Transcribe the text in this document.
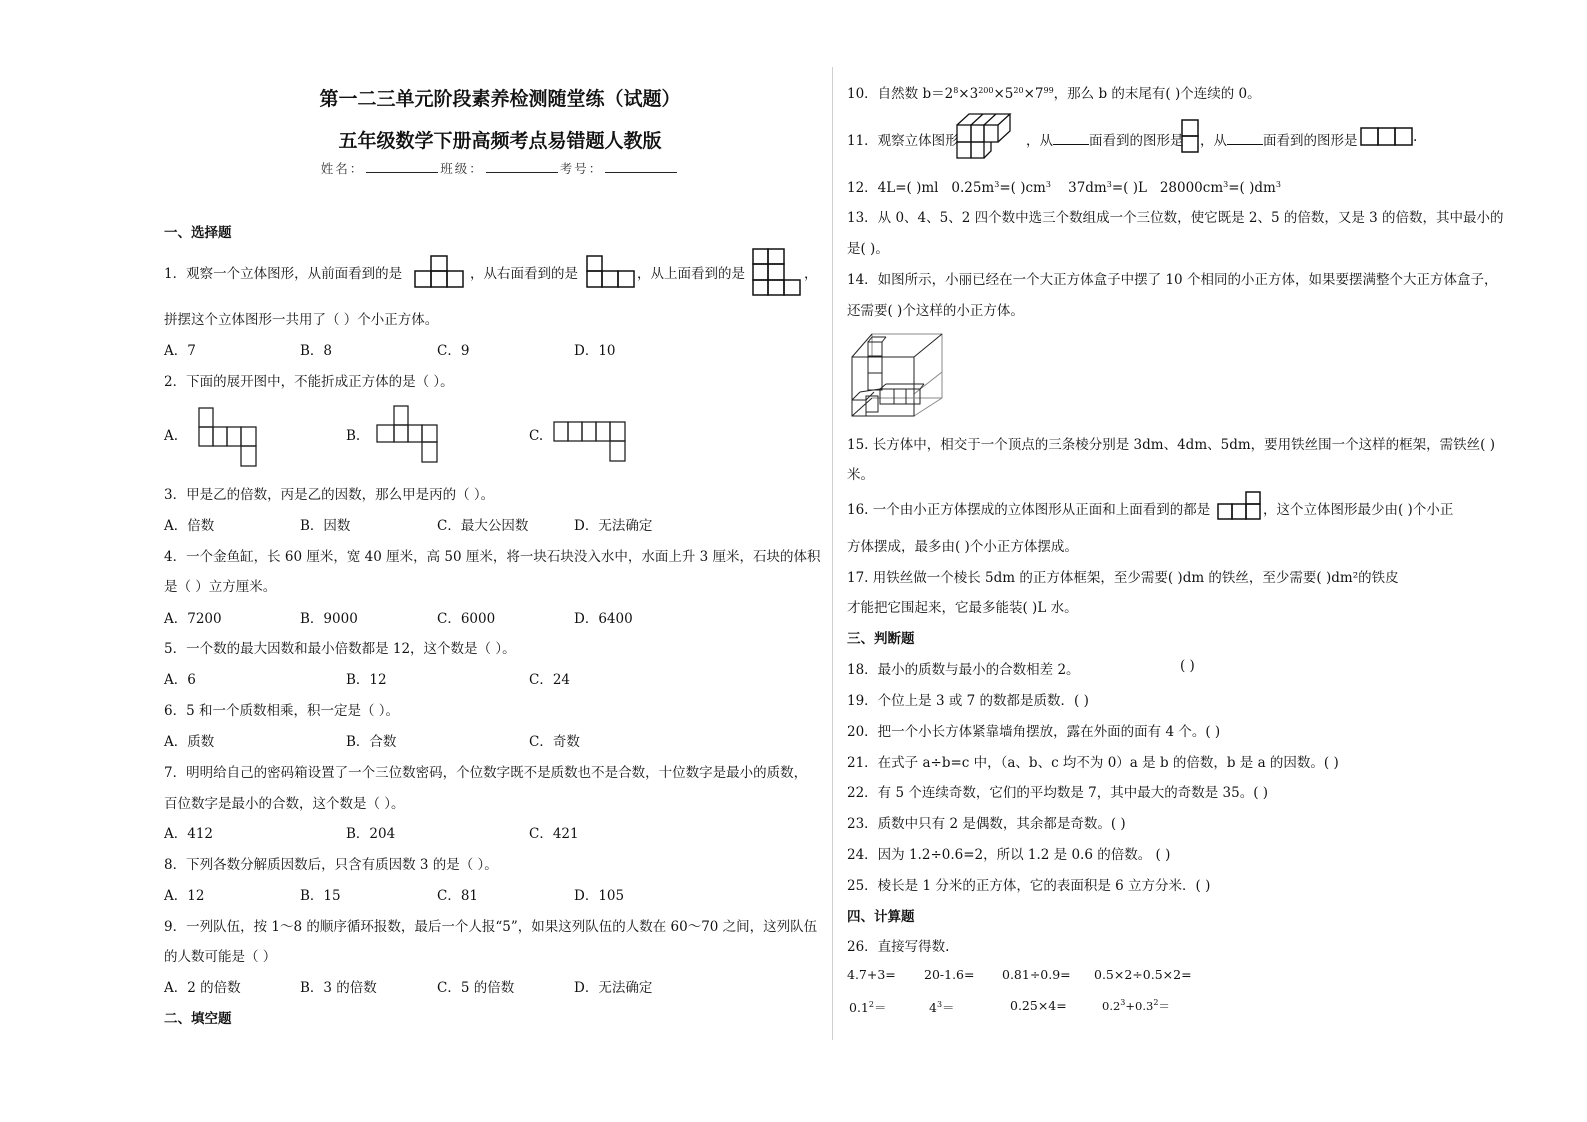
第一二三单元阶段素养检测随堂练（试题）
五年级数学下册高频考点易错题人教版
姓名：	班级：	考号：
一、选择题
1．观察一个立体图形，从前面看到的是	，从右面看到的是	，从上面看到的是	，
拼摆这个立体图形一共用了（ ）个小正方体。
A．7	B．8	C．9	D．10
2．下面的展开图中，不能折成正方体的是（ ）。
A.	B.	C.
3．甲是乙的倍数，丙是乙的因数，那么甲是丙的（ ）。
A．倍数	B．因数	C．最大公因数	D．无法确定
4．一个金鱼缸，长 60 厘米，宽 40 厘米，高 50 厘米，将一块石块没入水中，水面上升 3 厘米，石块的体积
是（ ）立方厘米。
A．7200	B．9000	C．6000	D．6400
5．一个数的最大因数和最小倍数都是 12，这个数是（ ）。
A．6	B．12	C．24
6．5 和一个质数相乘，积一定是（ ）。
A．质数	B．合数	C．奇数
7．明明给自己的密码箱设置了一个三位数密码，个位数字既不是质数也不是合数，十位数字是最小的质数，
百位数字是最小的合数，这个数是（ ）。
A．412	B．204	C．421
8．下列各数分解质因数后，只含有质因数 3 的是（ ）。
A．12	B．15	C．81	D．105
9．一列队伍，按 1～8 的顺序循环报数，最后一个人报“5”，如果这列队伍的人数在 60～70 之间，这列队伍
的人数可能是（ ）
A．2 的倍数	B．3 的倍数	C．5 的倍数	D．无法确定
二、填空题
10．自然数 $b=2^8\times 3^{200}\times 5^{20}\times 7^{99}$，那么 b 的末尾有( )个连续的 0。
11．观察立体图形	，从	面看到的图形是 ，从	面看到的图形是	.
12．4L=( )ml $0.25m^3=$( )$cm^3$ $37dm^3=$( )L $28000cm^3=$( )$dm^3$
13．从 0、4、5、2 四个数中选三个数组成一个三位数，使它既是 2、5 的倍数，又是 3 的倍数，其中最小的
是( )。
14．如图所示，小丽已经在一个大正方体盒子中摆了 10 个相同的小正方体，如果要摆满整个大正方体盒子，
还需要( )个这样的小正方体。
15. 长方体中，相交于一个顶点的三条棱分别是 3dm、4dm、5dm，要用铁丝围一个这样的框架，需铁丝( )
米。
16. 一个由小正方体摆成的立体图形从正面和上面看到的都是	，这个立体图形最少由( )个小正
方体摆成，最多由( )个小正方体摆成。
17. 用铁丝做一个棱长 5dm 的正方体框架，至少需要( )dm 的铁丝，至少需要( )dm²的铁皮
才能把它围起来，它最多能装( )L 水。
三、判断题
18．最小的质数与最小的合数相差 2。	( )
19．个位上是 3 或 7 的数都是质数．( )
20．把一个小长方体紧靠墙角摆放，露在外面的面有 4 个。( )
21．在式子 a÷b=c 中，（a、b、c 均不为 0）a 是 b 的倍数，b 是 a 的因数。( )
22．有 5 个连续奇数，它们的平均数是 7，其中最大的奇数是 35。( )
23．质数中只有 2 是偶数，其余都是奇数。( )
24．因为 1.2÷0.6=2，所以 1.2 是 0.6 的倍数。 ( )
25．棱长是 1 分米的正方体，它的表面积是 6 立方分米．( )
四、计算题
26．直接写得数.
4.7+3= 20-1.6= 0.81÷0.9= 0.5×2÷0.5×2=
$0.1^2=$	$4^3=$	0.25×4=	$0.2^3+0.3^2=$
